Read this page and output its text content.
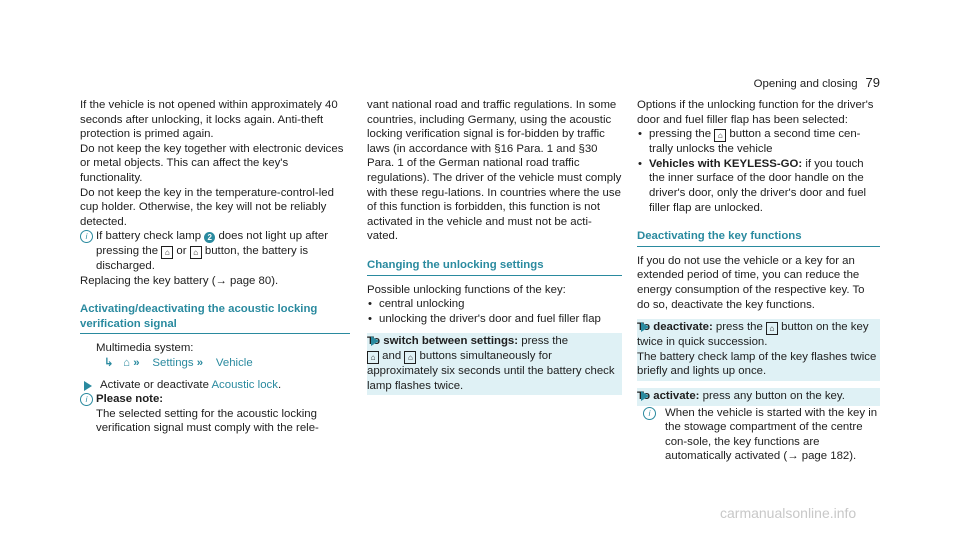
Opening and closing 79

If the vehicle is not opened within approximately 40 seconds after unlocking, it locks again. Anti-theft protection is primed again.

Do not keep the key together with electronic devices or metal objects. This can affect the key's functionality.

Do not keep the key in the temperature-control-led cup holder. Otherwise, the key will not be reliably detected.

i If battery check lamp 2 does not light up after pressing the ⌂ or ⌂ button, the battery is discharged.

Replacing the key battery (→ page 80).

Activating/deactivating the acoustic locking verification signal

Multimedia system:

↳ ⌂ » Settings » Vehicle

Activate or deactivate Acoustic lock.
i Please note:
The selected setting for the acoustic locking verification signal must comply with the rele-

vant national road and traffic regulations. In some countries, including Germany, using the acoustic locking verification signal is for-bidden by traffic laws (in accordance with §16 Para. 1 and §30 Para. 1 of the German national road traffic regulations). The driver of the vehicle must comply with these regu-lations. In countries where the use of this function is forbidden, this function is not activated in the vehicle and must not be acti-vated.

Changing the unlocking settings

Possible unlocking functions of the key:

• central unlocking
• unlocking the driver's door and fuel filler flap
To switch between settings: press the
⌂ and ⌂ buttons simultaneously for approximately six seconds until the battery check lamp flashes twice.

Options if the unlocking function for the driver's door and fuel filler flap has been selected:

• pressing the ⌂ button a second time cen-trally unlocks the vehicle
• Vehicles with KEYLESS-GO: if you touch the inner surface of the door handle on the driver's door, only the driver's door and fuel filler flap are unlocked.
Deactivating the key functions

If you do not use the vehicle or a key for an extended period of time, you can reduce the energy consumption of the respective key. To do so, deactivate the key functions.

To deactivate: press the ⌂ button on the key twice in quick succession.
The battery check lamp of the key flashes twice briefly and lights up once.
To activate: press any button on the key.
i	When the vehicle is started with the key in the stowage compartment of the centre con-sole, the key functions are automatically activated (→ page 182).
carmanualsonline.info
